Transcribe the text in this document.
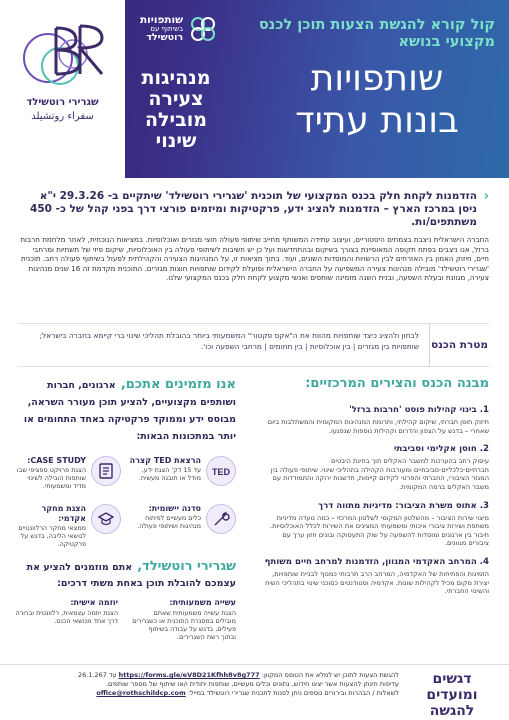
שגרירי רוטשילד
سفراء روتشيلد
שותפויות
בשיתוף עם
רוטשילד
מנהיגות
צעירה
מובילה
שינוי
קול קורא להגשת הצעות תוכן לכנס מקצועי בנושא
שותפויות
בונות עתיד
‹
הזדמנות לקחת חלק בכנס המקצועי של תוכנית 'שגרירי רוטשילד' שיתקיים ב- 29.3.26 י"א ניסן במרכז הארץ – הזדמנות להציג ידע, פרקטיקות ומיזמים פורצי דרך בפני קהל של כ- 450 משתתפים/ות.
החברה הישראלית ניצבת בצמתים היסטוריים, ועיצוב עתידה המשותף מחייב שיתופי פעולה חוצי מגזרים ואוכלוסיות. במציאות הנוכחית, לאחר מלחמת חרבות ברזל, אנו ניצבים בפתח תקופה המאופיינת בצורך בשיקום ובהתחדשות ועל כן יש חשיבות לשיתופי פעולה בין האוכלוסיות, שיקום פיזי של תשתיות ומרחבי חיים, חיזוק האמון בין האזרחים לבין הרשויות והמוסדות השונים, ועוד. בתוך מציאות זו, על המנהיגות הצעירה והקהילתית לפעול בשיתוף פעולה רחב. תוכנית 'שגרירי רוטשילד' מובילה מנהיגות צעירה המשפיעה על החברה הישראלית ופועלת לקידום שותפויות חוצות מגזרים. התוכנית מקדמת זה 16 שנים מנהיגות צעירה, מגוונת ובעלת השפעה, ובנית השנה מזמינה שותפים ואנשי מקצוע לקחת חלק בכנס המקצועי שלנו.
מטרת הכנס
לבחון ולהציג כיצד שותפויות מהוות את ה"אקס פקטור" המשמעותי ביותר בהובלת תהליכי שינוי ברי קיימא בחברה בישראל; שותפויות בין מגזרים | בין אוכלוסיות | בין תחומים | מרחבי השפעה וכו'.
מבנה הכנס והצירים המרכזיים:
1. בינוי קהילות פוסט 'חרבות ברזל'
חיזוק חוסן חברתי, שיקום קהילתי, ותרומת המנהיגות המקומית והמשתלבות ביום שאחרי – בדגש על הצפון והדרום וקהילות נוספות שנפגעו.
2. חוסן אקלימי וסביבתי
עיסוק רחב בהערכות למשבר האקלים תוך בחינת היבטים חברתיים-כלכליים-סביבתיים ומעורבות הקהילה בתהליכי שינוי. שיתופי פעולה בין המגזר הציבורי, החברתי והפרטי לקידום קיימות, חדשנות ירוקה והתמודדות עם משבר האקלים ברמה המקומית.
3. אתוס משרת הציבור: מדיניות מתווה דרך
מיצוי שירות הציבור – מהשלטון המקומי לשלטון המרכזי – כמה נועדה מדיניות משתפת ושירות ציבורי איכותי ומשמעותי המציגים את השירות לכלל האוכלוסיות. חיבור בין ארגונים ומוסדות להשפעה על שוק התעסוקה ובונים חזון ערך עם ציבורים מגוונים.
4. המרחב האקדמי המגוון, הזדמנות למרחב חיים משותף
הזמינות והפתיחות של האקדמיה, המרחב הרב תרבותי כמנוף לבניית שותפויות, יצירת מקום מכיל לקהילות שונות. אקדמיה וסטודנטים כסוכני שינוי בתהליכי השיח והשינוי החברתי.
אנו מזמינים אתכם, ארגונים, חברות ושותפים מקצועיים, להציע תוכן מעורר השראה, מבוסס ידע וממוקד פרקטיקה באחד התחומים או יותר במתכונות הבאות:
TED
הרצאת TED קצרה
עד 15 דק' הצגת ידע, מודל או תובנה מעשית.
CASE STUDY:
הצגת פרויקט ספציפי שבו שותפות הובילה לשינוי מדיד ומשמעותי.
סדנה יישומית:
כלים מעשיים לפיתוח מנהיגות ושיתופי פעולה.
הצגת מחקר אקדמי:
ממצאי מחקר הרלוונטיים לנושאי הליבה, בדגש על פרקטיקה.
שגרירי רוטשילד, אתם מוזמנים להציע את עצמכם להובלת תוכן באחת משתי דרכים:
עשייה משמעותית:
הצגת עשייה משמעותית שאתם מובילים במסגרת התוכנית או כשגרירים פעילים, בדגש על עבודה בשיתוף ובתוך רשת השגרירים.
יוזמה אישית:
הצגת יוזמה עצמאית, רלוונטית וברורה דרך אחד מנושאי הכנס.
דגשים ומועדים להגשה
להגשת הצעות לתוכן יש למלא את הטופס המקוון: https://forms.gle/eV8D21Kfhh8v8g777 עד 26.1.267
עדיפות תינתן להצעות אשר יציגו חידוש, נתונים וכלים מעשיים, שותפות יחודית ו/או שיתוף של מספר שותפים.
לשאלות / הבהרות ובירורים נוספים ניתן לפנות לתכנית שגרירי רוטשילד במייל: office@rothschildcp.com
